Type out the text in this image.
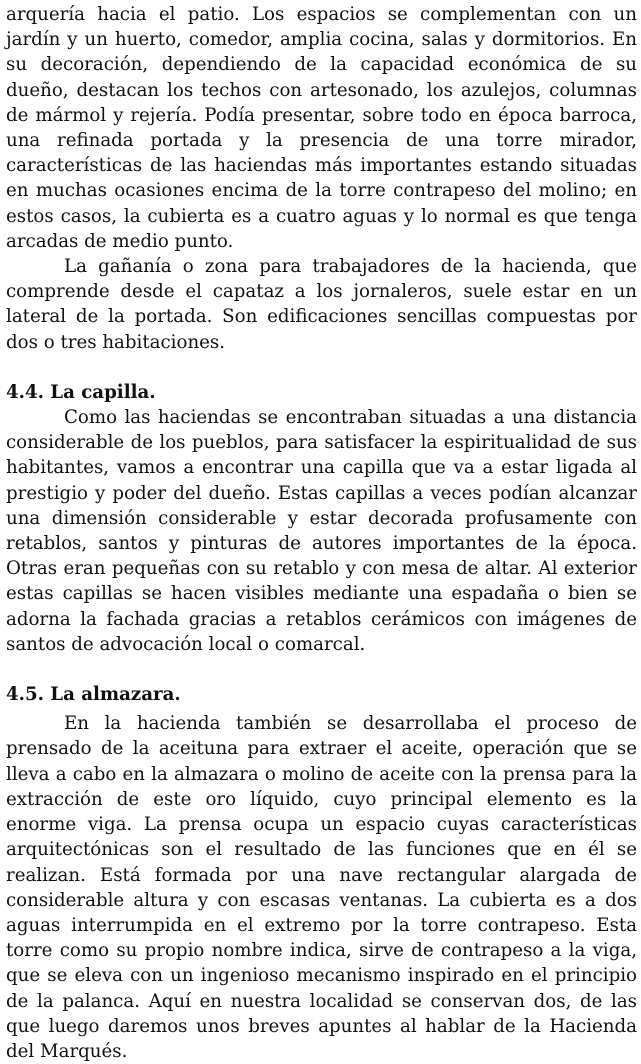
arquería hacia el patio. Los espacios se complementan con un jardín y un huerto, comedor, amplia cocina, salas y dormitorios. En su decoración, dependiendo de la capacidad económica de su dueño, destacan los techos con artesonado, los azulejos, columnas de mármol y rejería. Podía presentar, sobre todo en época barroca, una refinada portada y la presencia de una torre mirador, características de las haciendas más importantes estando situadas en muchas ocasiones encima de la torre contrapeso del molino; en estos casos, la cubierta es a cuatro aguas y lo normal es que tenga arcadas de medio punto.

La gañanía o zona para trabajadores de la hacienda, que comprende desde el capataz a los jornaleros, suele estar en un lateral de la portada. Son edificaciones sencillas compuestas por dos o tres habitaciones.

4.4. La capilla.

Como las haciendas se encontraban situadas a una distancia considerable de los pueblos, para satisfacer la espiritualidad de sus habitantes, vamos a encontrar una capilla que va a estar ligada al prestigio y poder del dueño. Estas capillas a veces podían alcanzar una dimensión considerable y estar decorada profusamente con retablos, santos y pinturas de autores importantes de la época. Otras eran pequeñas con su retablo y con mesa de altar. Al exterior estas capillas se hacen visibles mediante una espadaña o bien se adorna la fachada gracias a retablos cerámicos con imágenes de santos de advocación local o comarcal.

4.5. La almazara.

En la hacienda también se desarrollaba el proceso de prensado de la aceituna para extraer el aceite, operación que se lleva a cabo en la almazara o molino de aceite con la prensa para la extracción de este oro líquido, cuyo principal elemento es la enorme viga. La prensa ocupa un espacio cuyas características arquitectónicas son el resultado de las funciones que en él se realizan. Está formada por una nave rectangular alargada de considerable altura y con escasas ventanas. La cubierta es a dos aguas interrumpida en el extremo por la torre contrapeso. Esta torre como su propio nombre indica, sirve de contrapeso a la viga, que se eleva con un ingenioso mecanismo inspirado en el principio de la palanca. Aquí en nuestra localidad se conservan dos, de las que luego daremos unos breves apuntes al hablar de la Hacienda del Marqués.
